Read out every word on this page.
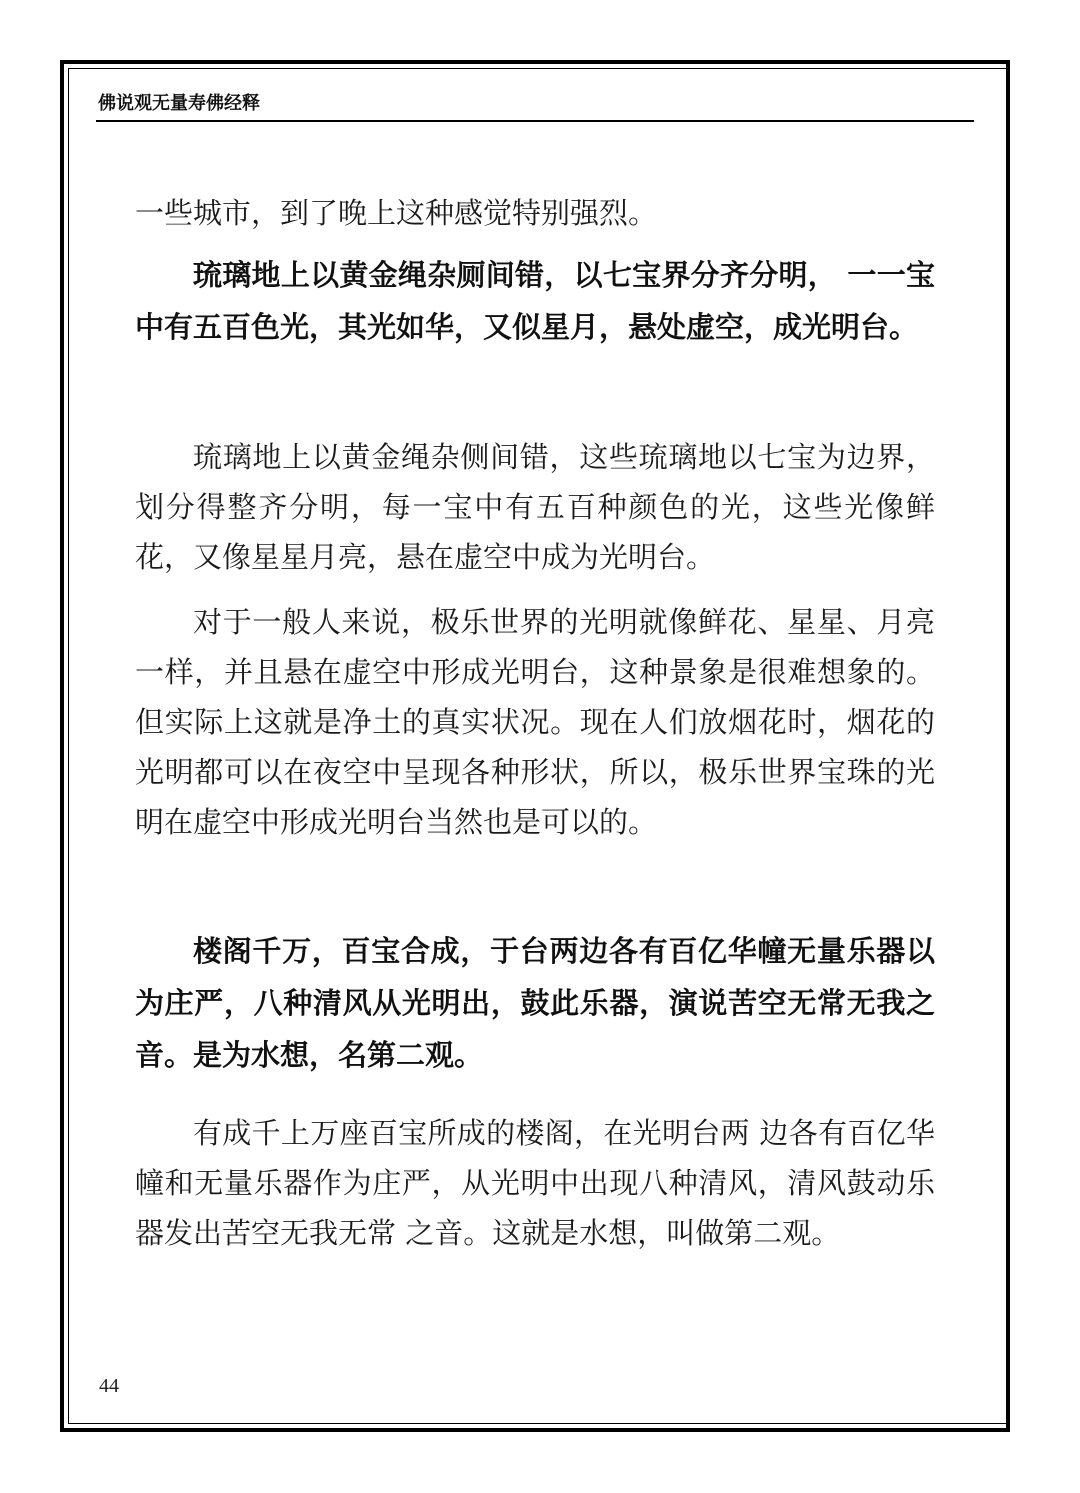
佛说观无量寿佛经释

一些城市，到了晚上这种感觉特别强烈。

琉璃地上以黄金绳杂厕间错，以七宝界分齐分明， 一一宝中有五百色光，其光如华，又似星月，悬处虚空，成光明台。

琉璃地上以黄金绳杂侧间错，这些琉璃地以七宝为边界，划分得整齐分明，每一宝中有五百种颜色的光，这些光像鲜花，又像星星月亮，悬在虚空中成为光明台。

对于一般人来说，极乐世界的光明就像鲜花、星星、月亮一样，并且悬在虚空中形成光明台，这种景象是很难想象的。但实际上这就是净土的真实状况。现在人们放烟花时，烟花的光明都可以在夜空中呈现各种形状，所以，极乐世界宝珠的光明在虚空中形成光明台当然也是可以的。

楼阁千万，百宝合成，于台两边各有百亿华幢无量乐器以为庄严，八种清风从光明出，鼓此乐器，演说苦空无常无我之音。是为水想，名第二观。

有成千上万座百宝所成的楼阁，在光明台两 边各有百亿华幢和无量乐器作为庄严，从光明中出现八种清风，清风鼓动乐器发出苦空无我无常 之音。这就是水想，叫做第二观。

44
